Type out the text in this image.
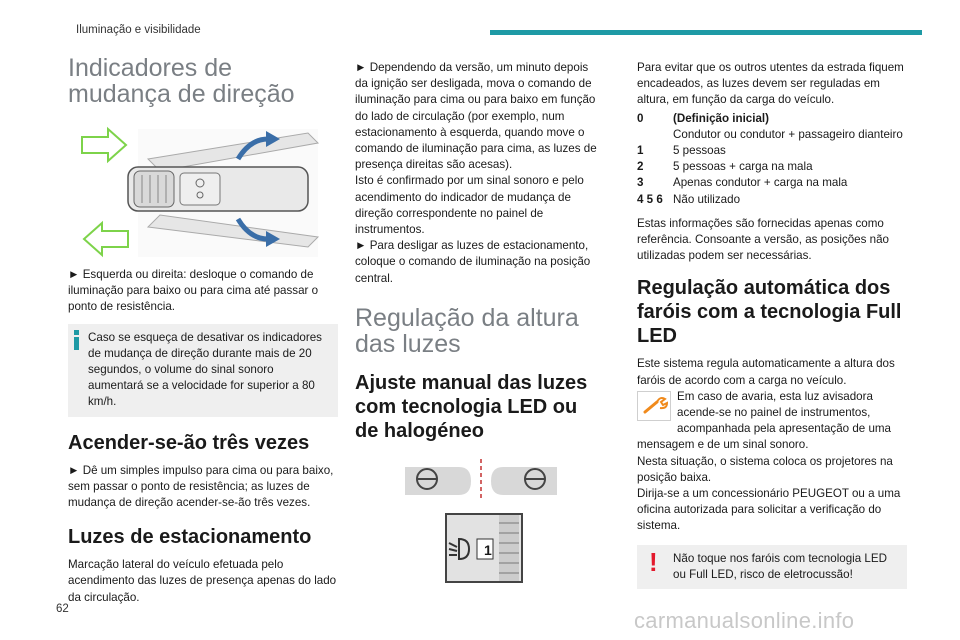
Iluminação e visibilidade
Indicadores de mudança de direção
► Esquerda ou direita: desloque o comando de iluminação para baixo ou para cima até passar o ponto de resistência.
Caso se esqueça de desativar os indicadores de mudança de direção durante mais de 20 segundos, o volume do sinal sonoro aumentará se a velocidade for superior a 80 km/h.
Acender-se-ão três vezes
► Dê um simples impulso para cima ou para baixo, sem passar o ponto de resistência; as luzes de mudança de direção acender-se-ão três vezes.
Luzes de estacionamento
Marcação lateral do veículo efetuada pelo acendimento das luzes de presença apenas do lado da circulação.
► Dependendo da versão, um minuto depois da ignição ser desligada, mova o comando de iluminação para cima ou para baixo em função do lado de circulação (por exemplo, num estacionamento à esquerda, quando move o comando de iluminação para cima, as luzes de presença direitas são acesas).
Isto é confirmado por um sinal sonoro e pelo acendimento do indicador de mudança de direção correspondente no painel de instrumentos.
► Para desligar as luzes de estacionamento, coloque o comando de iluminação na posição central.
Regulação da altura das luzes
Ajuste manual das luzes com tecnologia LED ou de halogéneo
1
Para evitar que os outros utentes da estrada fiquem encadeados, as luzes devem ser reguladas em altura, em função da carga do veículo.
0	(Definição inicial)
Condutor ou condutor + passageiro dianteiro
1	5 pessoas
2	5 pessoas + carga na mala
3	Apenas condutor + carga na mala
4 5 6	Não utilizado
Estas informações são fornecidas apenas como referência. Consoante a versão, as posições não utilizadas podem ser necessárias.
Regulação automática dos faróis com a tecnologia Full LED
Este sistema regula automaticamente a altura dos faróis de acordo com a carga no veículo.
Em caso de avaria, esta luz avisadora acende-se no painel de instrumentos, acompanhada pela apresentação de uma mensagem e de um sinal sonoro.
Nesta situação, o sistema coloca os projetores na posição baixa.
Dirija-se a um concessionário PEUGEOT ou a uma oficina autorizada para solicitar a verificação do sistema.
! Não toque nos faróis com tecnologia LED ou Full LED, risco de eletrocussão!
62	carmanualsonline.info
